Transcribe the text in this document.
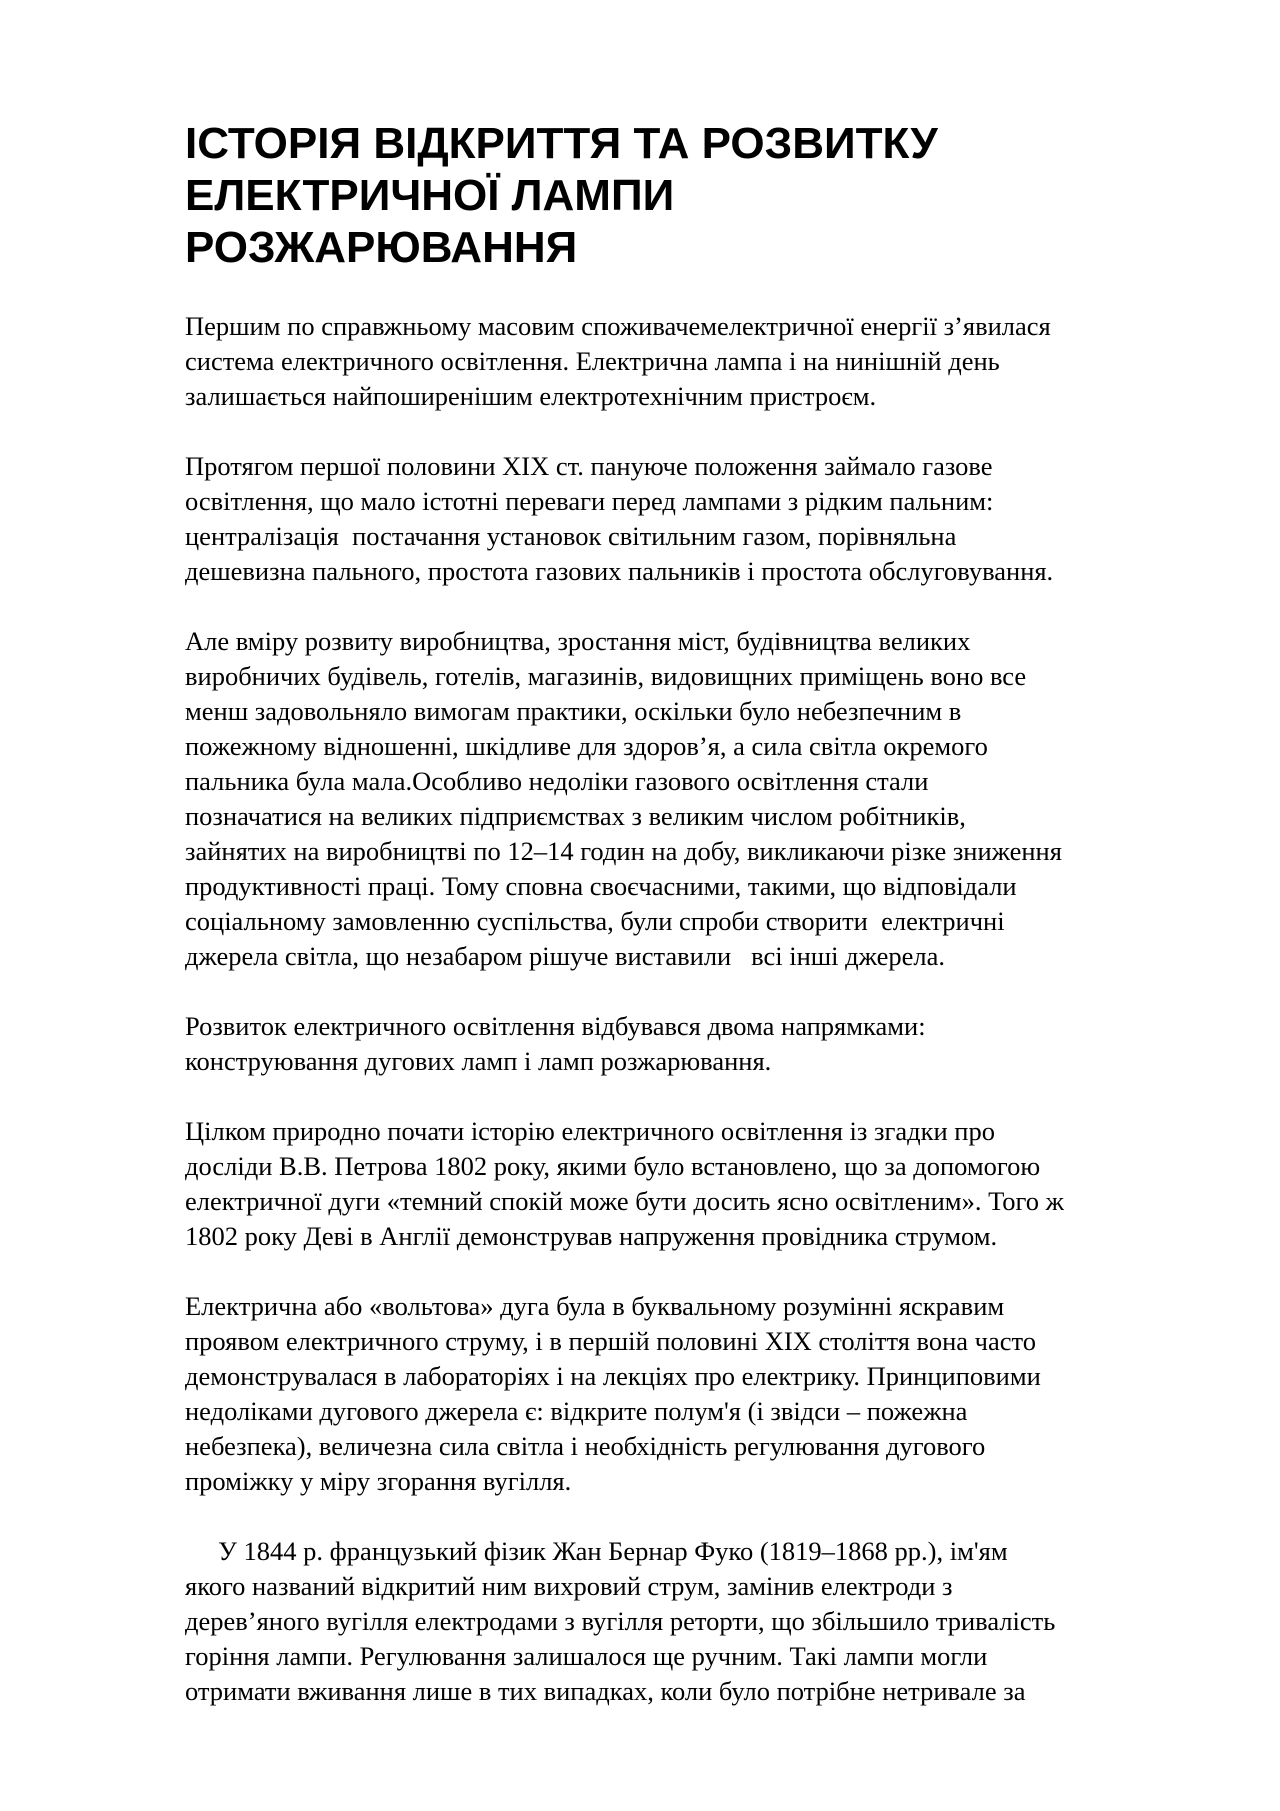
ІСТОРІЯ ВІДКРИТТЯ ТА РОЗВИТКУ
ЕЛЕКТРИЧНОЇ ЛАМПИ
РОЗЖАРЮВАННЯ

Першим по справжньому масовим споживачемелектричної енергії з’явилася
система електричного освітлення. Електрична лампа і на нинішній день
залишається найпоширенішим електротехнічним пристроєм.

Протягом першої половини ХІХ ст. пануюче положення займало газове
освітлення, що мало істотні переваги перед лампами з рідким пальним:
централізація  постачання установок світильним газом, порівняльна
дешевизна пального, простота газових пальників і простота обслуговування.

Але вміру розвиту виробництва, зростання міст, будівництва великих
виробничих будівель, готелів, магазинів, видовищних приміщень воно все
менш задовольняло вимогам практики, оскільки було небезпечним в
пожежному відношенні, шкідливе для здоров’я, а сила світла окремого
пальника була мала.Особливо недоліки газового освітлення стали
позначатися на великих підприємствах з великим числом робітників,
зайнятих на виробництві по 12–14 годин на добу, викликаючи різке зниження
продуктивності праці. Тому сповна своєчасними, такими, що відповідали
соціальному замовленню суспільства, були спроби створити  електричні
джерела світла, що незабаром рішуче виставили   всі інші джерела.

Розвиток електричного освітлення відбувався двома напрямками:
конструювання дугових ламп і ламп розжарювання.

Цілком природно почати історію електричного освітлення із згадки про
досліди В.В. Петрова 1802 року, якими було встановлено, що за допомогою
електричної дуги «темний спокій може бути досить ясно освітленим». Того ж
1802 року Деві в Англії демонстрував напруження провідника струмом.

Електрична або «вольтова» дуга була в буквальному розумінні яскравим
проявом електричного струму, і в першій половині ХІХ століття вона часто
демонструвалася в лабораторіях і на лекціях про електрику. Принциповими
недоліками дугового джерела є: відкрите полум'я (і звідси – пожежна
небезпека), величезна сила світла і необхідність регулювання дугового
проміжку у міру згорання вугілля.

У 1844 р. французький фізик Жан Бернар Фуко (1819–1868 рр.), ім'ям
якого названий відкритий ним вихровий струм, замінив електроди з
дерев’яного вугілля електродами з вугілля реторти, що збільшило тривалість
горіння лампи. Регулювання залишалося ще ручним. Такі лампи могли
отримати вживання лише в тих випадках, коли було потрібне нетривале за
